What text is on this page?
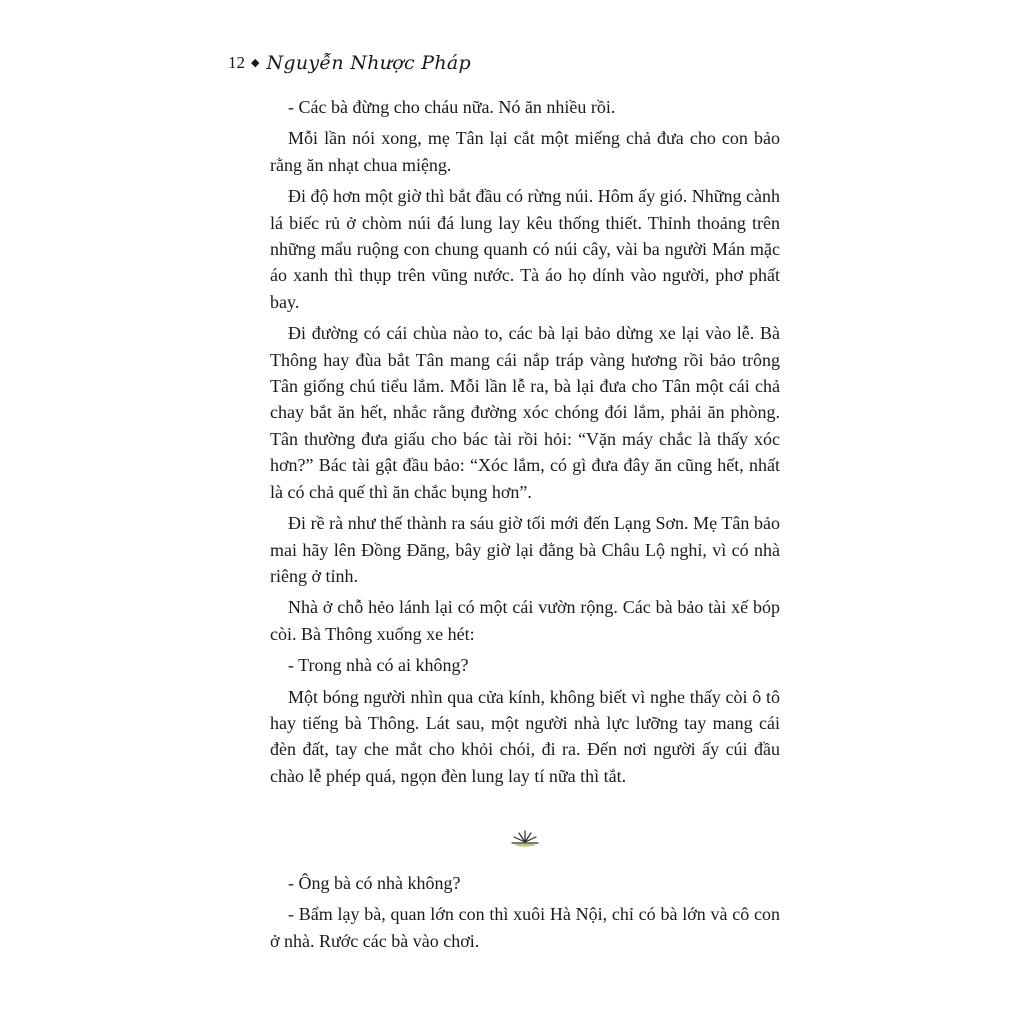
12 ◆ Nguyễn Nhược Pháp

- Các bà đừng cho cháu nữa. Nó ăn nhiều rồi.

Mỗi lần nói xong, mẹ Tân lại cắt một miếng chả đưa cho con bảo rằng ăn nhạt chua miệng.

Đi độ hơn một giờ thì bắt đầu có rừng núi. Hôm ấy gió. Những cành lá biếc rủ ở chòm núi đá lung lay kêu thống thiết. Thỉnh thoảng trên những mẩu ruộng con chung quanh có núi cây, vài ba người Mán mặc áo xanh thì thụp trên vũng nước. Tà áo họ dính vào người, phơ phất bay.

Đi đường có cái chùa nào to, các bà lại bảo dừng xe lại vào lễ. Bà Thông hay đùa bắt Tân mang cái nắp tráp vàng hương rồi bảo trông Tân giống chú tiểu lắm. Mỗi lần lễ ra, bà lại đưa cho Tân một cái chả chay bắt ăn hết, nhắc rằng đường xóc chóng đói lắm, phải ăn phòng. Tân thường đưa giấu cho bác tài rồi hỏi: “Vặn máy chắc là thấy xóc hơn?” Bác tài gật đầu bảo: “Xóc lắm, có gì đưa đây ăn cũng hết, nhất là có chả quế thì ăn chắc bụng hơn”.

Đi rề rà như thế thành ra sáu giờ tối mới đến Lạng Sơn. Mẹ Tân bảo mai hãy lên Đồng Đăng, bây giờ lại đằng bà Châu Lộ nghỉ, vì có nhà riêng ở tỉnh.

Nhà ở chỗ hẻo lánh lại có một cái vườn rộng. Các bà bảo tài xế bóp còi. Bà Thông xuống xe hét:

- Trong nhà có ai không?

Một bóng người nhìn qua cửa kính, không biết vì nghe thấy còi ô tô hay tiếng bà Thông. Lát sau, một người nhà lực lưỡng tay mang cái đèn đất, tay che mắt cho khỏi chói, đi ra. Đến nơi người ấy cúi đầu chào lễ phép quá, ngọn đèn lung lay tí nữa thì tắt.

- Ông bà có nhà không?

- Bẩm lạy bà, quan lớn con thì xuôi Hà Nội, chỉ có bà lớn và cô con ở nhà. Rước các bà vào chơi.
